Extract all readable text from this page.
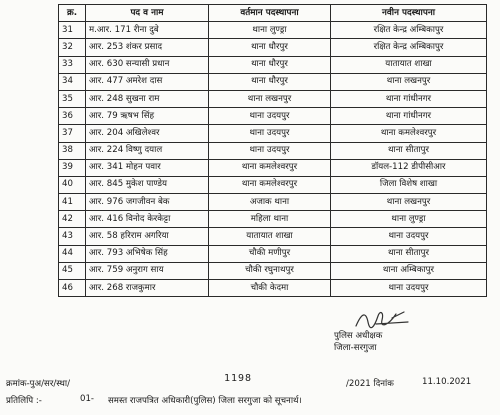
क्र.	पद व नाम	वर्तमान पदस्थापना	नवीन पदस्थापना
31	म.आर. 171 रीना दुबे	थाना लुण्ड्रा	रक्षित केन्द्र अम्बिकापुर
32	आर. 253 शंकर प्रसाद	थाना धौरपुर	रक्षित केन्द्र अम्बिकापुर
33	आर. 630 सन्यासी प्रधान	थाना धौरपुर	यातायात शाखा
34	आर. 477 अमरेश दास	थाना धौरपुर	थाना लखनपुर
35	आर. 248 सुखना राम	थाना लखनपुर	थाना गांधीनगर
36	आर. 79 ऋषभ सिंह	थाना उदयपुर	थाना गांधीनगर
37	आर. 204 अखिलेश्वर	थाना उदयपुर	थाना कमलेश्वरपुर
38	आर. 224 विष्णु दयाल	थाना उदयपुर	थाना सीतापुर
39	आर. 341 मोहन पवार	थाना कमलेश्वरपुर	डॉयल-112 डीपीसीआर
40	आर. 845 मुकेश पाण्डेय	थाना कमलेश्वरपुर	जिला विशेष शाखा
41	आर. 976 जगजीवन बेक	अजाक थाना	थाना लखनपुर
42	आर. 416 विनोद केरकेट्टा	महिला थाना	थाना लुण्ड्रा
43	आर. 58 हरिराम अगरिया	यातायात शाखा	थाना उदयपुर
44	आर. 793 अभिषेक सिंह	चौकी मणीपुर	थाना सीतापुर
45	आर. 759 अनुराग साय	चौकी रघुनाथपुर	थाना अम्बिकापुर
46	आर. 268 राजकुमार	चौकी केदमा	थाना उदयपुर
पुलिस अधीक्षक
जिला-सरगुजा
क्रमांक-पुअ/सर/स्था/	1198	/2021 दिनांक	11.10.2021
प्रतिलिपि :-	01- समस्त राजपत्रित अधिकारी(पुलिस) जिला सरगुजा को सूचनार्थ।
